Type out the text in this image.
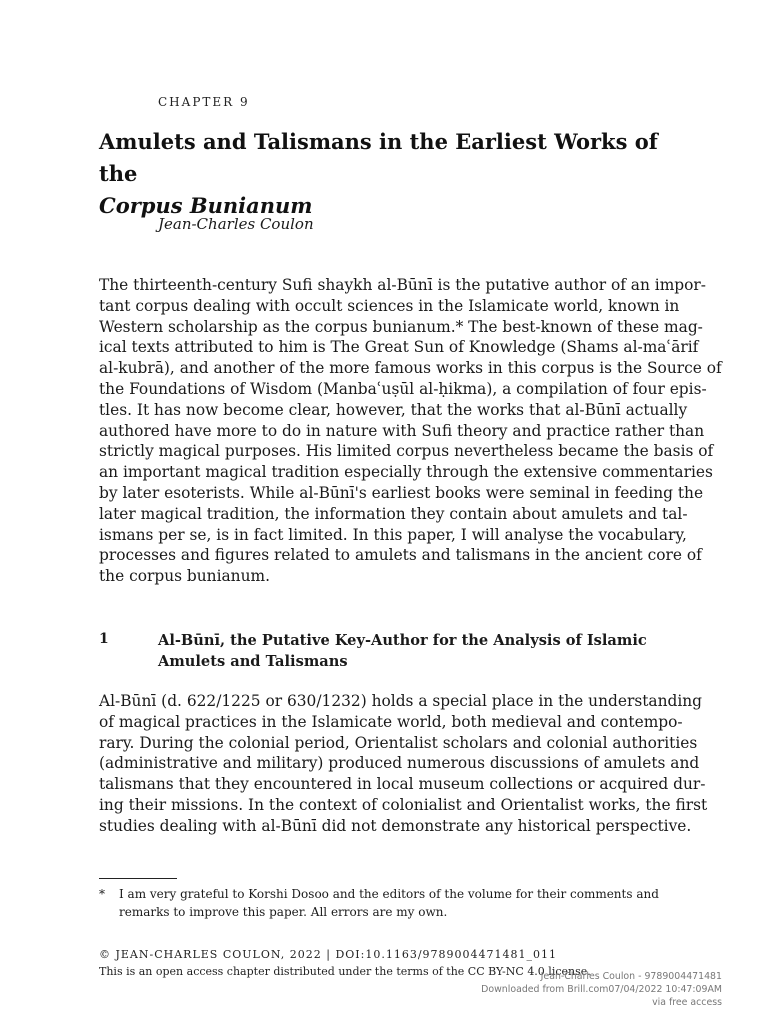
CHAPTER 9
Amulets and Talismans in the Earliest Works of the
Corpus Bunianum
Jean-Charles Coulon
The thirteenth-century Sufi shaykh al-Būnī is the putative author of an impor-
tant corpus dealing with occult sciences in the Islamicate world, known in
Western scholarship as the corpus bunianum.* The best-known of these mag-
ical texts attributed to him is The Great Sun of Knowledge (Shams al-maʿārif
al-kubrā), and another of the more famous works in this corpus is the Source of
the Foundations of Wisdom (Manbaʿuṣūl al-ḥikma), a compilation of four epis-
tles. It has now become clear, however, that the works that al-Būnī actually
authored have more to do in nature with Sufi theory and practice rather than
strictly magical purposes. His limited corpus nevertheless became the basis of
an important magical tradition especially through the extensive commentaries
by later esoterists. While al-Būnī's earliest books were seminal in feeding the
later magical tradition, the information they contain about amulets and tal-
ismans per se, is in fact limited. In this paper, I will analyse the vocabulary,
processes and figures related to amulets and talismans in the ancient core of
the corpus bunianum.
1	Al-Būnī, the Putative Key-Author for the Analysis of Islamic
Amulets and Talismans
Al-Būnī (d. 622/1225 or 630/1232) holds a special place in the understanding
of magical practices in the Islamicate world, both medieval and contempo-
rary. During the colonial period, Orientalist scholars and colonial authorities
(administrative and military) produced numerous discussions of amulets and
talismans that they encountered in local museum collections or acquired dur-
ing their missions. In the context of colonialist and Orientalist works, the first
studies dealing with al-Būnī did not demonstrate any historical perspective.
* I am very grateful to Korshi Dosoo and the editors of the volume for their comments and remarks to improve this paper. All errors are my own.
© JEAN-CHARLES COULON, 2022 | DOI:10.1163/9789004471481_011
This is an open access chapter distributed under the terms of the CC BY-NC 4.0 license.
Jean-Charles Coulon - 9789004471481
Downloaded from Brill.com07/04/2022 10:47:09AM
via free access
